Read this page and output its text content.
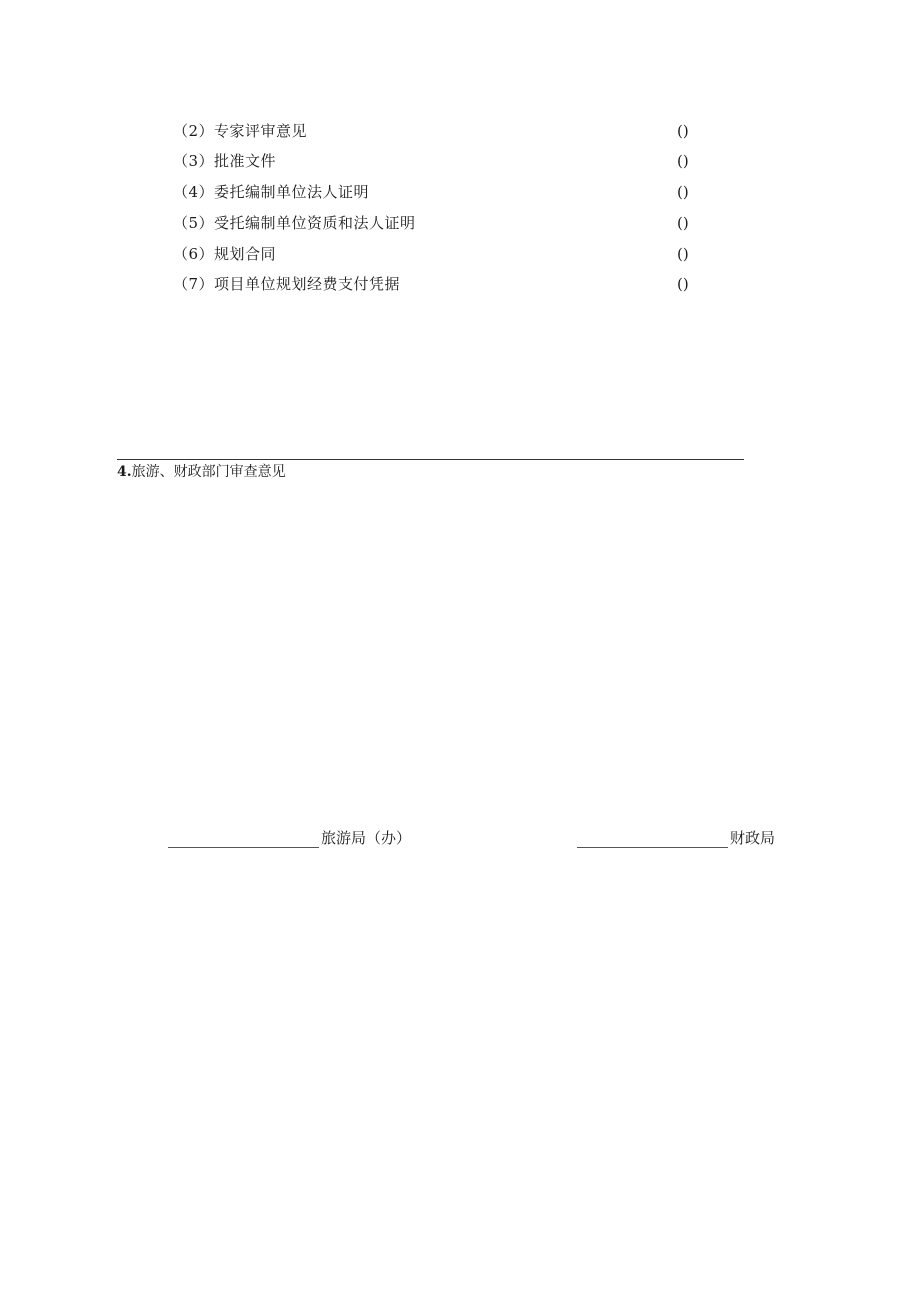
（2）专家评审意见	()
（3）批准文件	()
（4）委托编制单位法人证明	()
（5）受托编制单位资质和法人证明	()
（6）规划合同	()
（7）项目单位规划经费支付凭据	()
4.旅游、财政部门审查意见
旅游局（办）	财政局
